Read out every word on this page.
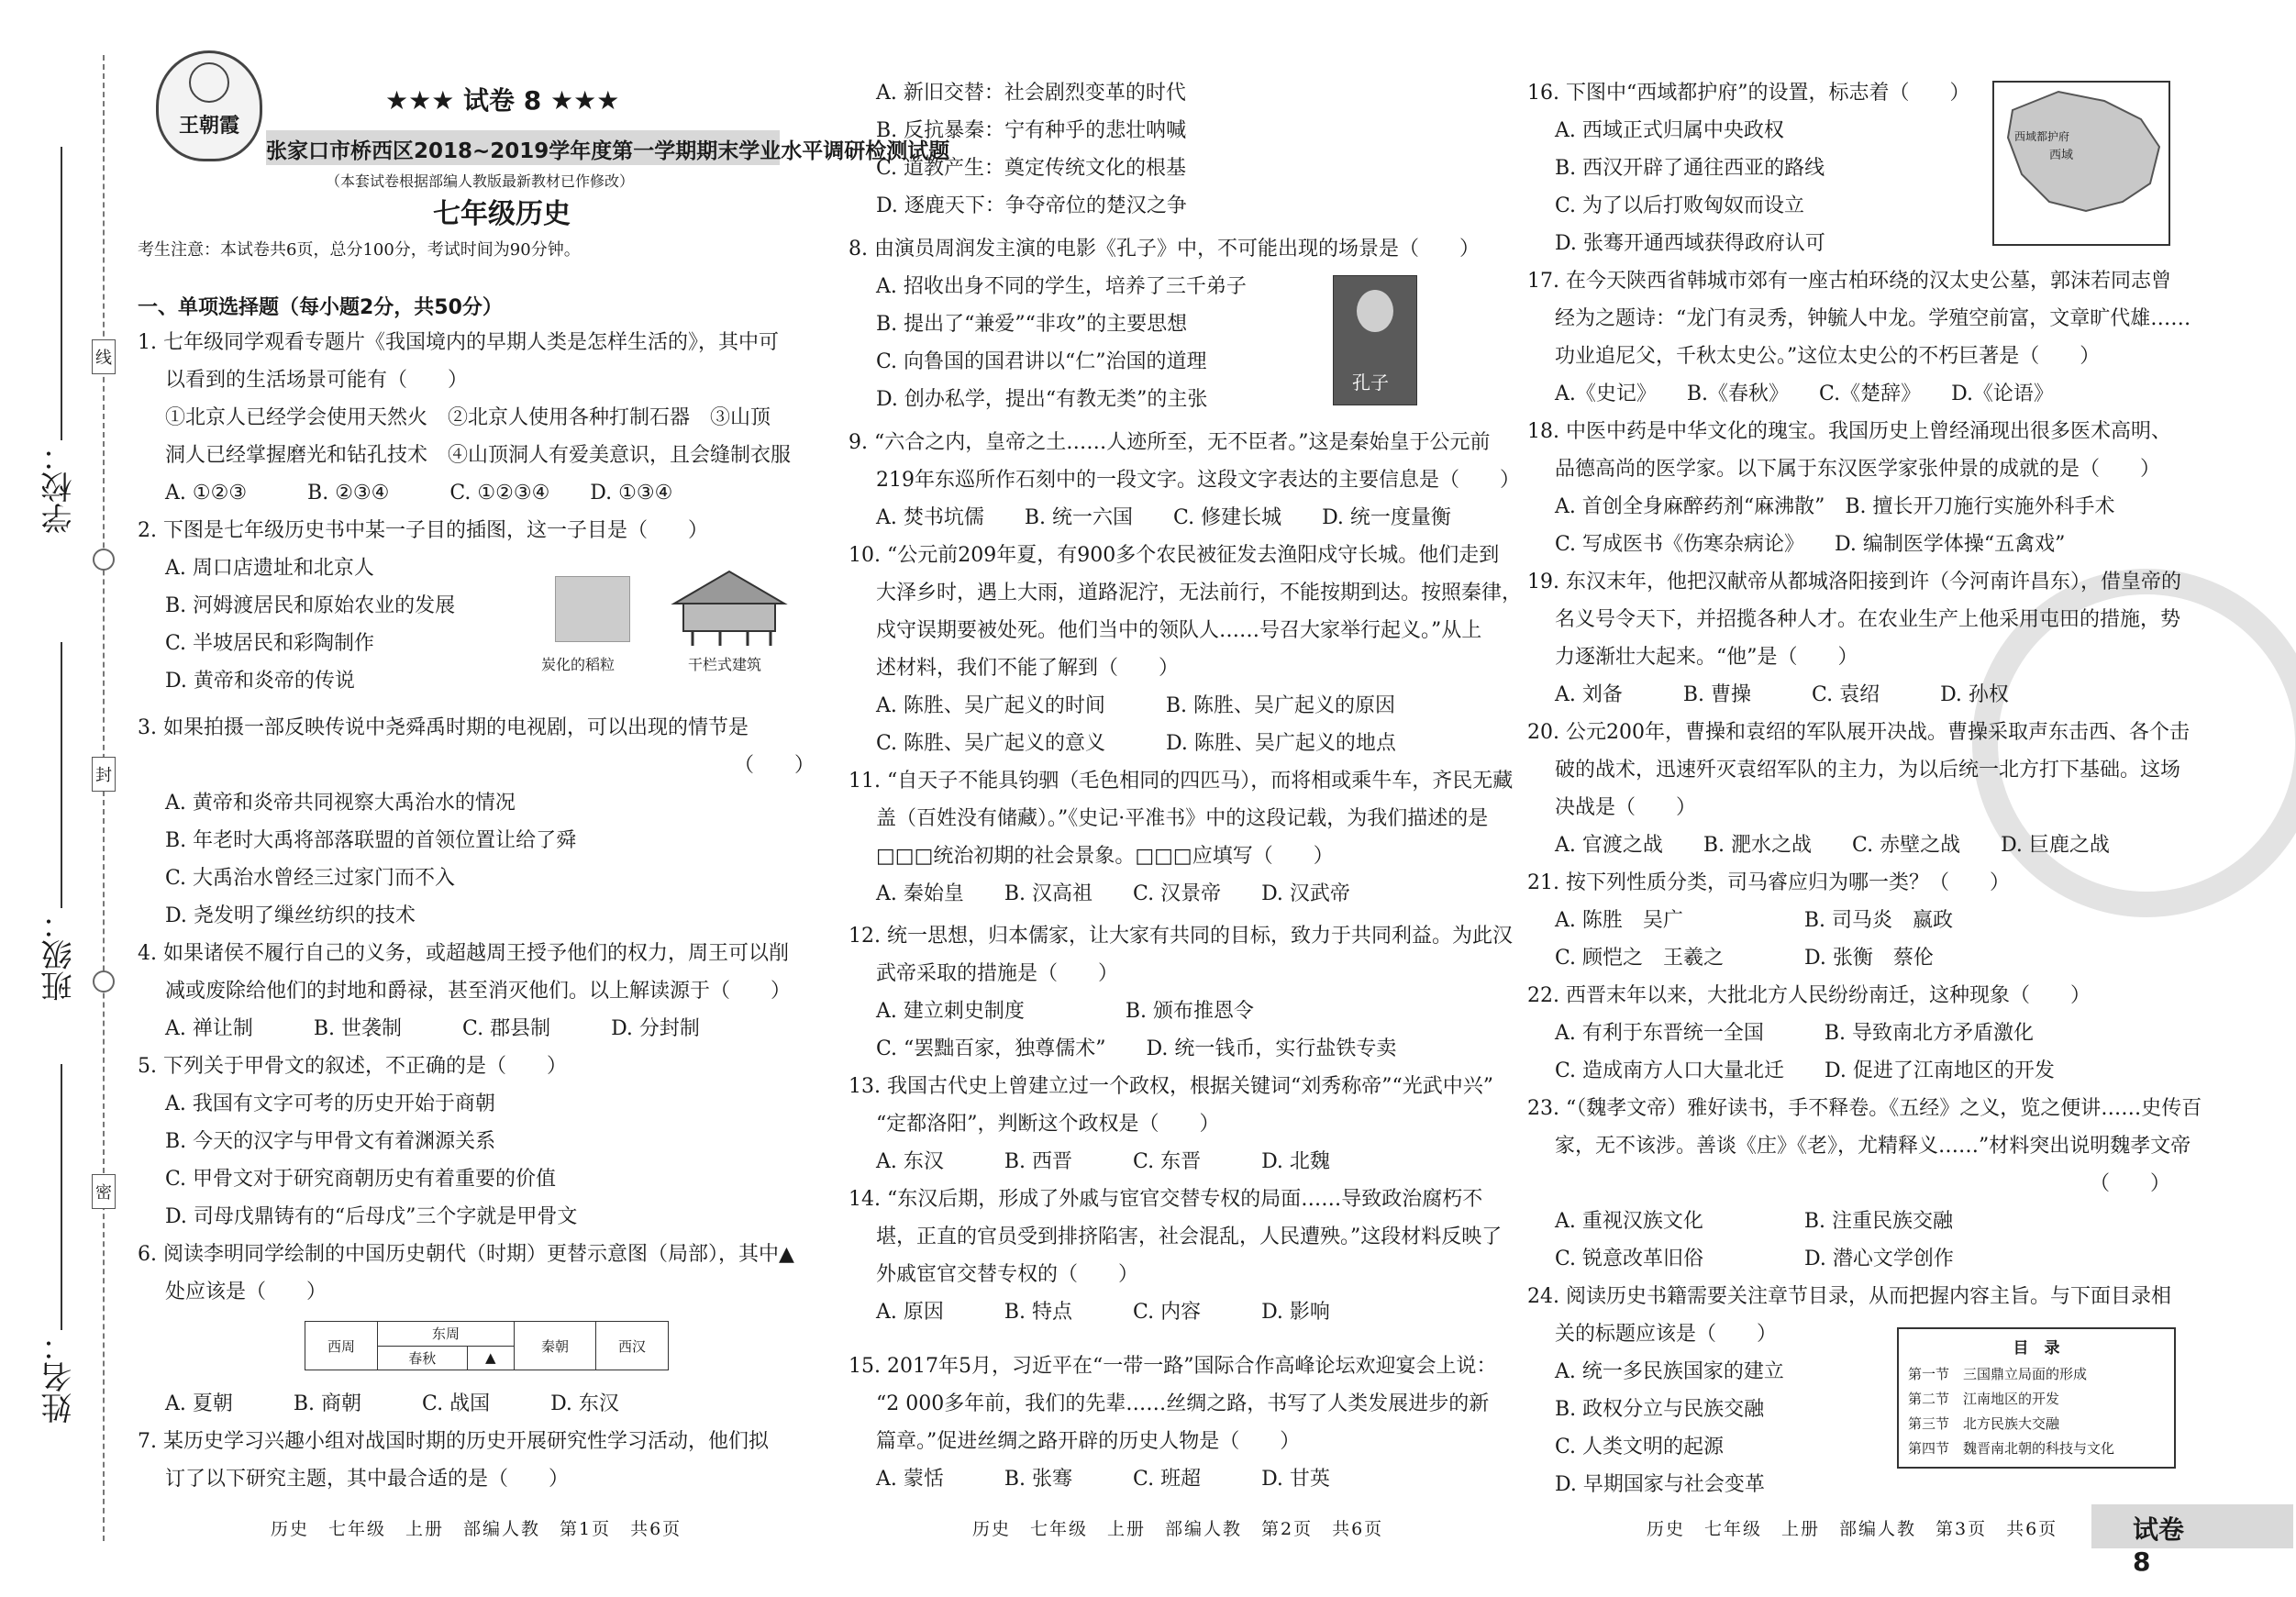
线
封
密
学校：
班级：
姓名：
王朝霞
★★★ 试卷 8 ★★★
张家口市桥西区2018~2019学年度第一学期期末学业水平调研检测试题
（本套试卷根据部编人教版最新教材已作修改）
七年级历史
考生注意：本试卷共6页，总分100分，考试时间为90分钟。
一、单项选择题（每小题2分，共50分）
1. 七年级同学观看专题片《我国境内的早期人类是怎样生活的》，其中可
以看到的生活场景可能有（　　）
①北京人已经学会使用天然火　②北京人使用各种打制石器　③山顶
洞人已经掌握磨光和钻孔技术　④山顶洞人有爱美意识，且会缝制衣服
A. ①②③　　　B. ②③④　　　C. ①②③④　　D. ①③④
2. 下图是七年级历史书中某一子目的插图，这一子目是（　　）
A. 周口店遗址和北京人
B. 河姆渡居民和原始农业的发展
C. 半坡居民和彩陶制作
D. 黄帝和炎帝的传说
炭化的稻粒	干栏式建筑
3. 如果拍摄一部反映传说中尧舜禹时期的电视剧，可以出现的情节是
（　　）
A. 黄帝和炎帝共同视察大禹治水的情况
B. 年老时大禹将部落联盟的首领位置让给了舜
C. 大禹治水曾经三过家门而不入
D. 尧发明了缫丝纺织的技术
4. 如果诸侯不履行自己的义务，或超越周王授予他们的权力，周王可以削
减或废除给他们的封地和爵禄，甚至消灭他们。以上解读源于（　　）
A. 禅让制　　　B. 世袭制　　　C. 郡县制　　　D. 分封制
5. 下列关于甲骨文的叙述，不正确的是（　　）
A. 我国有文字可考的历史开始于商朝
B. 今天的汉字与甲骨文有着渊源关系
C. 甲骨文对于研究商朝历史有着重要的价值
D. 司母戊鼎铸有的“后母戊”三个字就是甲骨文
6. 阅读李明同学绘制的中国历史朝代（时期）更替示意图（局部），其中▲
处应该是（　　）
西周	东周		秦朝	西汉
	春秋	▲		
A. 夏朝　　　B. 商朝　　　C. 战国　　　D. 东汉
7. 某历史学习兴趣小组对战国时期的历史开展研究性学习活动，他们拟
订了以下研究主题，其中最合适的是（　　）
历史　七年级　上册　部编人教　第1页　共6页
A. 新旧交替：社会剧烈变革的时代
B. 反抗暴秦：宁有种乎的悲壮呐喊
C. 道教产生：奠定传统文化的根基
D. 逐鹿天下：争夺帝位的楚汉之争
8. 由演员周润发主演的电影《孔子》中，不可能出现的场景是（　　）
A. 招收出身不同的学生，培养了三千弟子
B. 提出了“兼爱”“非攻”的主要思想
C. 向鲁国的国君讲以“仁”治国的道理
D. 创办私学，提出“有教无类”的主张
孔子
9. “六合之内，皇帝之土……人迹所至，无不臣者。”这是秦始皇于公元前
219年东巡所作石刻中的一段文字。这段文字表达的主要信息是（　　）
A. 焚书坑儒　　B. 统一六国　　C. 修建长城　　D. 统一度量衡
10. “公元前209年夏，有900多个农民被征发去渔阳戍守长城。他们走到
大泽乡时，遇上大雨，道路泥泞，无法前行，不能按期到达。按照秦律，
戍守误期要被处死。他们当中的领队人……号召大家举行起义。”从上
述材料，我们不能了解到（　　）
A. 陈胜、吴广起义的时间　　　B. 陈胜、吴广起义的原因
C. 陈胜、吴广起义的意义　　　D. 陈胜、吴广起义的地点
11. “自天子不能具钧驷（毛色相同的四匹马），而将相或乘牛车，齐民无藏
盖（百姓没有储藏）。”《史记·平准书》中的这段记载，为我们描述的是
□□□统治初期的社会景象。□□□应填写（　　）
A. 秦始皇　　B. 汉高祖　　C. 汉景帝　　D. 汉武帝
12. 统一思想，归本儒家，让大家有共同的目标，致力于共同利益。为此汉
武帝采取的措施是（　　）
A. 建立刺史制度　　　　　B. 颁布推恩令
C. “罢黜百家，独尊儒术”　　D. 统一钱币，实行盐铁专卖
13. 我国古代史上曾建立过一个政权，根据关键词“刘秀称帝”“光武中兴”
“定都洛阳”，判断这个政权是（　　）
A. 东汉　　　B. 西晋　　　C. 东晋　　　D. 北魏
14. “东汉后期，形成了外戚与宦官交替专权的局面……导致政治腐朽不
堪，正直的官员受到排挤陷害，社会混乱，人民遭殃。”这段材料反映了
外戚宦官交替专权的（　　）
A. 原因　　　B. 特点　　　C. 内容　　　D. 影响
15. 2017年5月，习近平在“一带一路”国际合作高峰论坛欢迎宴会上说：
“2 000多年前，我们的先辈……丝绸之路，书写了人类发展进步的新
篇章。”促进丝绸之路开辟的历史人物是（　　）
A. 蒙恬　　　B. 张骞　　　C. 班超　　　D. 甘英
历史　七年级　上册　部编人教　第2页　共6页
16. 下图中“西域都护府”的设置，标志着（　　）
A. 西域正式归属中央政权
B. 西汉开辟了通往西亚的路线
C. 为了以后打败匈奴而设立
D. 张骞开通西域获得政府认可
西域都护府
西域
17. 在今天陕西省韩城市郊有一座古柏环绕的汉太史公墓，郭沫若同志曾
经为之题诗：“龙门有灵秀，钟毓人中龙。学殖空前富，文章旷代雄……
功业追尼父，千秋太史公。”这位太史公的不朽巨著是（　　）
A.《史记》　　B.《春秋》　　C.《楚辞》　　D.《论语》
18. 中医中药是中华文化的瑰宝。我国历史上曾经涌现出很多医术高明、
品德高尚的医学家。以下属于东汉医学家张仲景的成就的是（　　）
A. 首创全身麻醉药剂“麻沸散”　B. 擅长开刀施行实施外科手术
C. 写成医书《伤寒杂病论》　　D. 编制医学体操“五禽戏”
19. 东汉末年，他把汉献帝从都城洛阳接到许（今河南许昌东），借皇帝的
名义号令天下，并招揽各种人才。在农业生产上他采用屯田的措施，势
力逐渐壮大起来。“他”是（　　）
A. 刘备　　　B. 曹操　　　C. 袁绍　　　D. 孙权
20. 公元200年，曹操和袁绍的军队展开决战。曹操采取声东击西、各个击
破的战术，迅速歼灭袁绍军队的主力，为以后统一北方打下基础。这场
决战是（　　）
A. 官渡之战　　B. 淝水之战　　C. 赤壁之战　　D. 巨鹿之战
21. 按下列性质分类，司马睿应归为哪一类？（　　）
A. 陈胜　吴广　　　　　　B. 司马炎　嬴政
C. 顾恺之　王羲之　　　　D. 张衡　蔡伦
22. 西晋末年以来，大批北方人民纷纷南迁，这种现象（　　）
A. 有利于东晋统一全国　　　B. 导致南北方矛盾激化
C. 造成南方人口大量北迁　　D. 促进了江南地区的开发
23. “（魏孝文帝）雅好读书，手不释卷。《五经》之义，览之便讲……史传百
家，无不该涉。善谈《庄》《老》，尤精释义……”材料突出说明魏孝文帝
（　　）
A. 重视汉族文化　　　　　B. 注重民族交融
C. 锐意改革旧俗　　　　　D. 潜心文学创作
24. 阅读历史书籍需要关注章节目录，从而把握内容主旨。与下面目录相
关的标题应该是（　　）
A. 统一多民族国家的建立
B. 政权分立与民族交融
C. 人类文明的起源
D. 早期国家与社会变革
目　录
第一节　三国鼎立局面的形成
第二节　江南地区的开发
第三节　北方民族大交融
第四节　魏晋南北朝的科技与文化
历史　七年级　上册　部编人教　第3页　共6页	试卷 8
